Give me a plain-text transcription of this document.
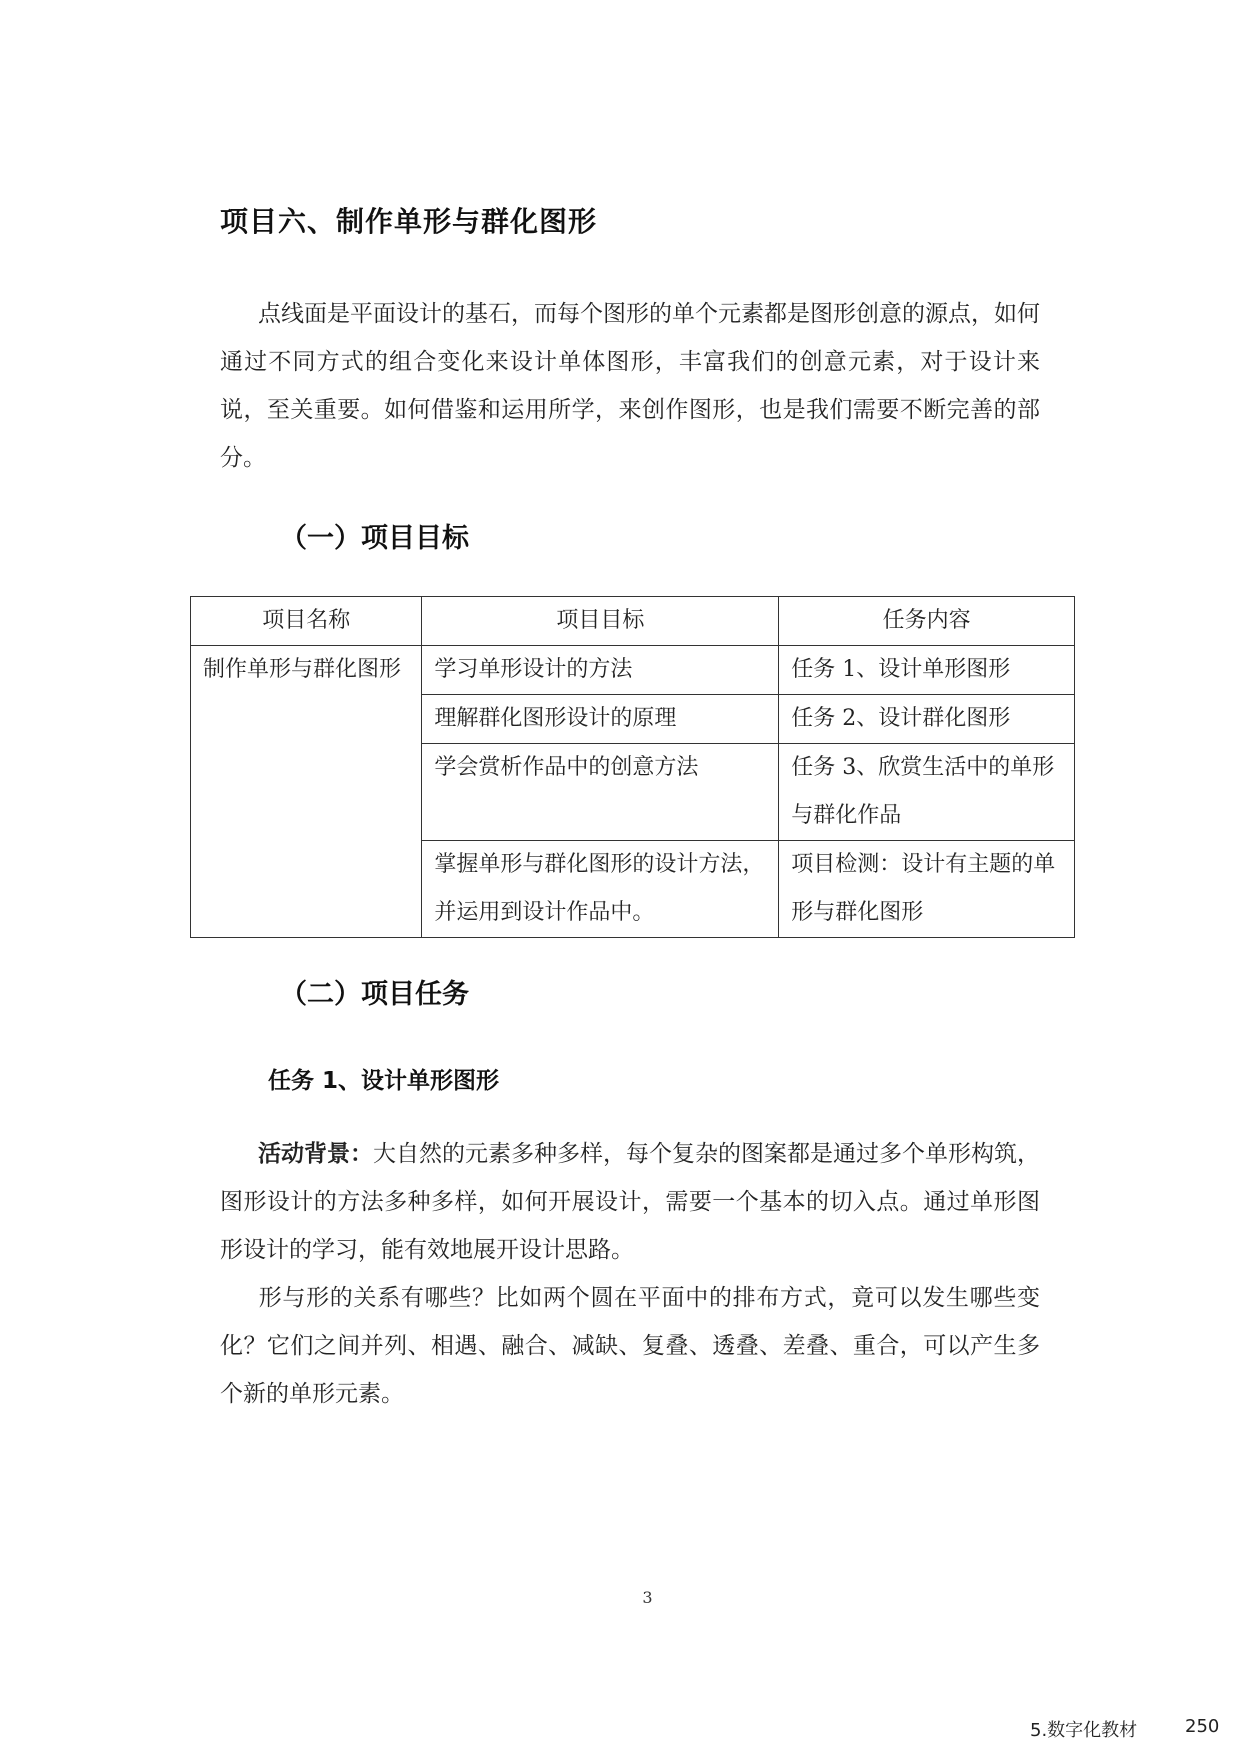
项目六、制作单形与群化图形

点线面是平面设计的基石，而每个图形的单个元素都是图形创意的源点，如何通过不同方式的组合变化来设计单体图形，丰富我们的创意元素，对于设计来说，至关重要。如何借鉴和运用所学，来创作图形，也是我们需要不断完善的部分。

（一）项目目标
项目名称	项目目标	任务内容
制作单形与群化图形	学习单形设计的方法	任务 1、设计单形图形
	理解群化图形设计的原理	任务 2、设计群化图形
	学会赏析作品中的创意方法	任务 3、欣赏生活中的单形与群化作品
	掌握单形与群化图形的设计方法，并运用到设计作品中。	项目检测：设计有主题的单形与群化图形
（二）项目任务
任务 1、设计单形图形

活动背景：大自然的元素多种多样，每个复杂的图案都是通过多个单形构筑，图形设计的方法多种多样，如何开展设计，需要一个基本的切入点。通过单形图形设计的学习，能有效地展开设计思路。

形与形的关系有哪些？比如两个圆在平面中的排布方式，竟可以发生哪些变化？它们之间并列、相遇、融合、减缺、复叠、透叠、差叠、重合，可以产生多个新的单形元素。

3
5.数字化教材	250
